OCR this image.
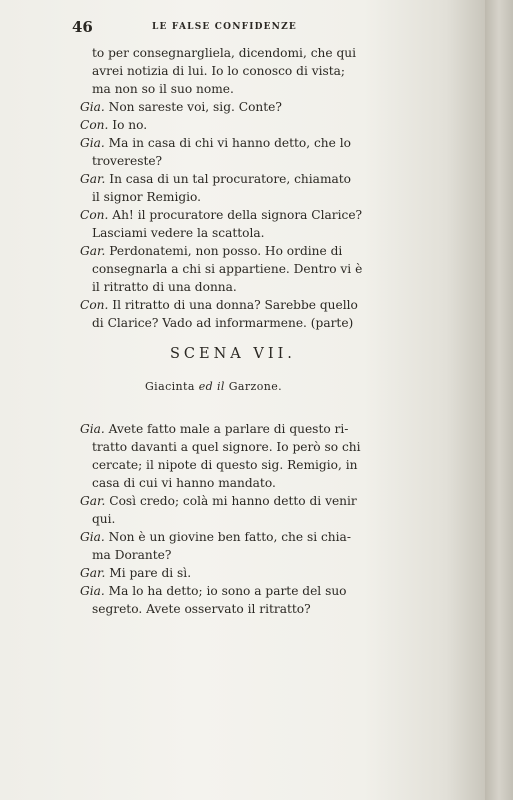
46	LE FALSE CONFIDENZE
to per consegnargliela, dicendomi, che qui
avrei notizia di lui. Io lo conosco di vista;
ma non so il suo nome.
Gia. Non sareste voi, sig. Conte?
Con. Io no.
Gia. Ma in casa di chi vi hanno detto, che lo
trovereste?
Gar. In casa di un tal procuratore, chiamato
il signor Remigio.
Con. Ah! il procuratore della signora Clarice?
Lasciami vedere la scattola.
Gar. Perdonatemi, non posso. Ho ordine di
consegnarla a chi si appartiene. Dentro vi è
il ritratto di una donna.
Con. Il ritratto di una donna? Sarebbe quello
di Clarice? Vado ad informarmene. (parte)
SCENA VII.
Giacinta ed il Garzone.
Gia. Avete fatto male a parlare di questo ri-
tratto davanti a quel signore. Io però so chi
cercate; il nipote di questo sig. Remigio, in
casa di cui vi hanno mandato.
Gar. Così credo; colà mi hanno detto di venir
qui.
Gia. Non è un giovine ben fatto, che si chia-
ma Dorante?
Gar. Mi pare di sì.
Gia. Ma lo ha detto; io sono a parte del suo
segreto. Avete osservato il ritratto?
